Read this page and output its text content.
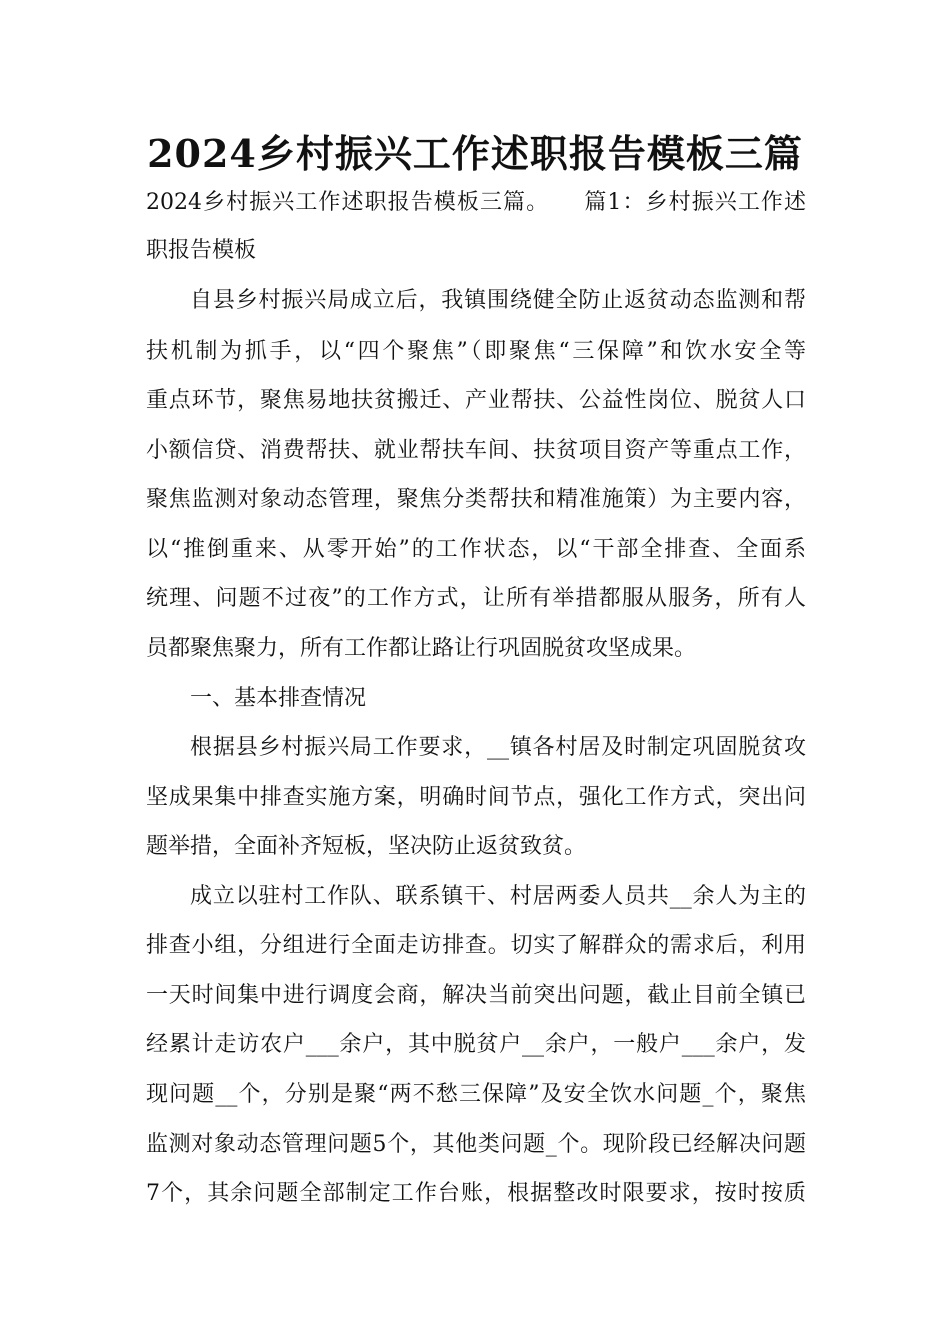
2024乡村振兴工作述职报告模板三篇

2024乡村振兴工作述职报告模板三篇。　　篇1：乡村振兴工作述

职报告模板

自县乡村振兴局成立后，我镇围绕健全防止返贫动态监测和帮

扶机制为抓手，以“四个聚焦”（即聚焦“三保障”和饮水安全等

重点环节，聚焦易地扶贫搬迁、产业帮扶、公益性岗位、脱贫人口

小额信贷、消费帮扶、就业帮扶车间、扶贫项目资产等重点工作，

聚焦监测对象动态管理，聚焦分类帮扶和精准施策）为主要内容，

以“推倒重来、从零开始”的工作状态，以“干部全排查、全面系

统理、问题不过夜”的工作方式，让所有举措都服从服务，所有人

员都聚焦聚力，所有工作都让路让行巩固脱贫攻坚成果。

一、基本排查情况

根据县乡村振兴局工作要求，__镇各村居及时制定巩固脱贫攻

坚成果集中排查实施方案，明确时间节点，强化工作方式，突出问

题举措，全面补齐短板，坚决防止返贫致贫。

成立以驻村工作队、联系镇干、村居两委人员共__余人为主的

排查小组，分组进行全面走访排查。切实了解群众的需求后，利用

一天时间集中进行调度会商，解决当前突出问题，截止目前全镇已

经累计走访农户___余户，其中脱贫户__余户，一般户___余户，发

现问题__个，分别是聚“两不愁三保障”及安全饮水问题_个，聚焦

监测对象动态管理问题5个，其他类问题_个。现阶段已经解决问题

7个，其余问题全部制定工作台账，根据整改时限要求，按时按质
